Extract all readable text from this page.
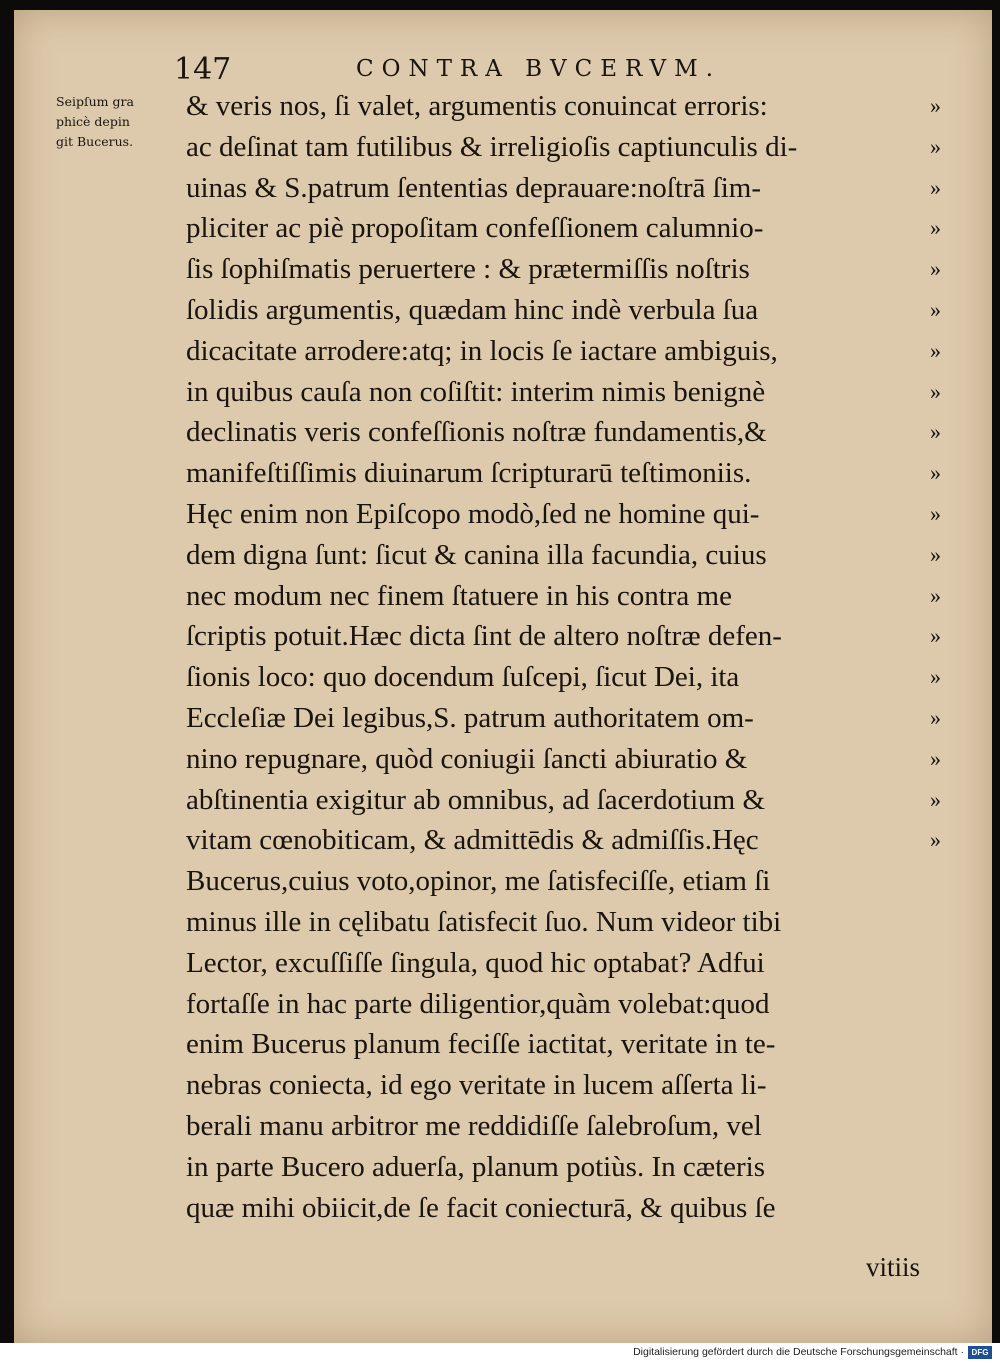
147	CONTRA BVCERVM.
Seipſum gra
phicè depin
git Bucerus.
& veris nos, ſi valet, argumentis conuincat erroris:	»
ac deſinat tam futilibus & irreligioſis captiunculis di-	»
uinas & S.patrum ſententias deprauare:noſtrā ſim-	»
pliciter ac piè propoſitam confeſſionem calumnio-	»
ſis ſophiſmatis peruertere : & prætermiſſis noſtris	»
ſolidis argumentis, quædam hinc indè verbula ſua	»
dicacitate arrodere:atq; in locis ſe iactare ambiguis,	»
in quibus cauſa non coſiſtit: interim nimis benignè	»
declinatis veris confeſſionis noſtræ fundamentis,&	»
manifeſtiſſimis diuinarum ſcripturarū teſtimoniis.	»
Hęc enim non Epiſcopo modò,ſed ne homine qui-	»
dem digna ſunt: ſicut & canina illa facundia, cuius	»
nec modum nec finem ſtatuere in his contra me	»
ſcriptis potuit.Hæc dicta ſint de altero noſtræ defen-	»
ſionis loco: quo docendum ſuſcepi, ſicut Dei, ita	»
Eccleſiæ Dei legibus,S. patrum authoritatem om-	»
nino repugnare, quòd coniugii ſancti abiuratio &	»
abſtinentia exigitur ab omnibus, ad ſacerdotium &	»
vitam cœnobiticam, & admittēdis & admiſſis.Hęc	»
Bucerus,cuius voto,opinor, me ſatisfeciſſe, etiam ſi
minus ille in cęlibatu ſatisfecit ſuo. Num videor tibi
Lector, excuſſiſſe ſingula, quod hic optabat? Adfui
fortaſſe in hac parte diligentior,quàm volebat:quod
enim Bucerus planum feciſſe iactitat, veritate in te-
nebras coniecta, id ego veritate in lucem aſſerta li-
berali manu arbitror me reddidiſſe ſalebroſum, vel
in parte Bucero aduerſa, planum potiùs. In cæteris
quæ mihi obiicit,de ſe facit coniecturā, & quibus ſe
vitiis
Digitalisierung gefördert durch die Deutsche Forschungsgemeinschaft · DFG
